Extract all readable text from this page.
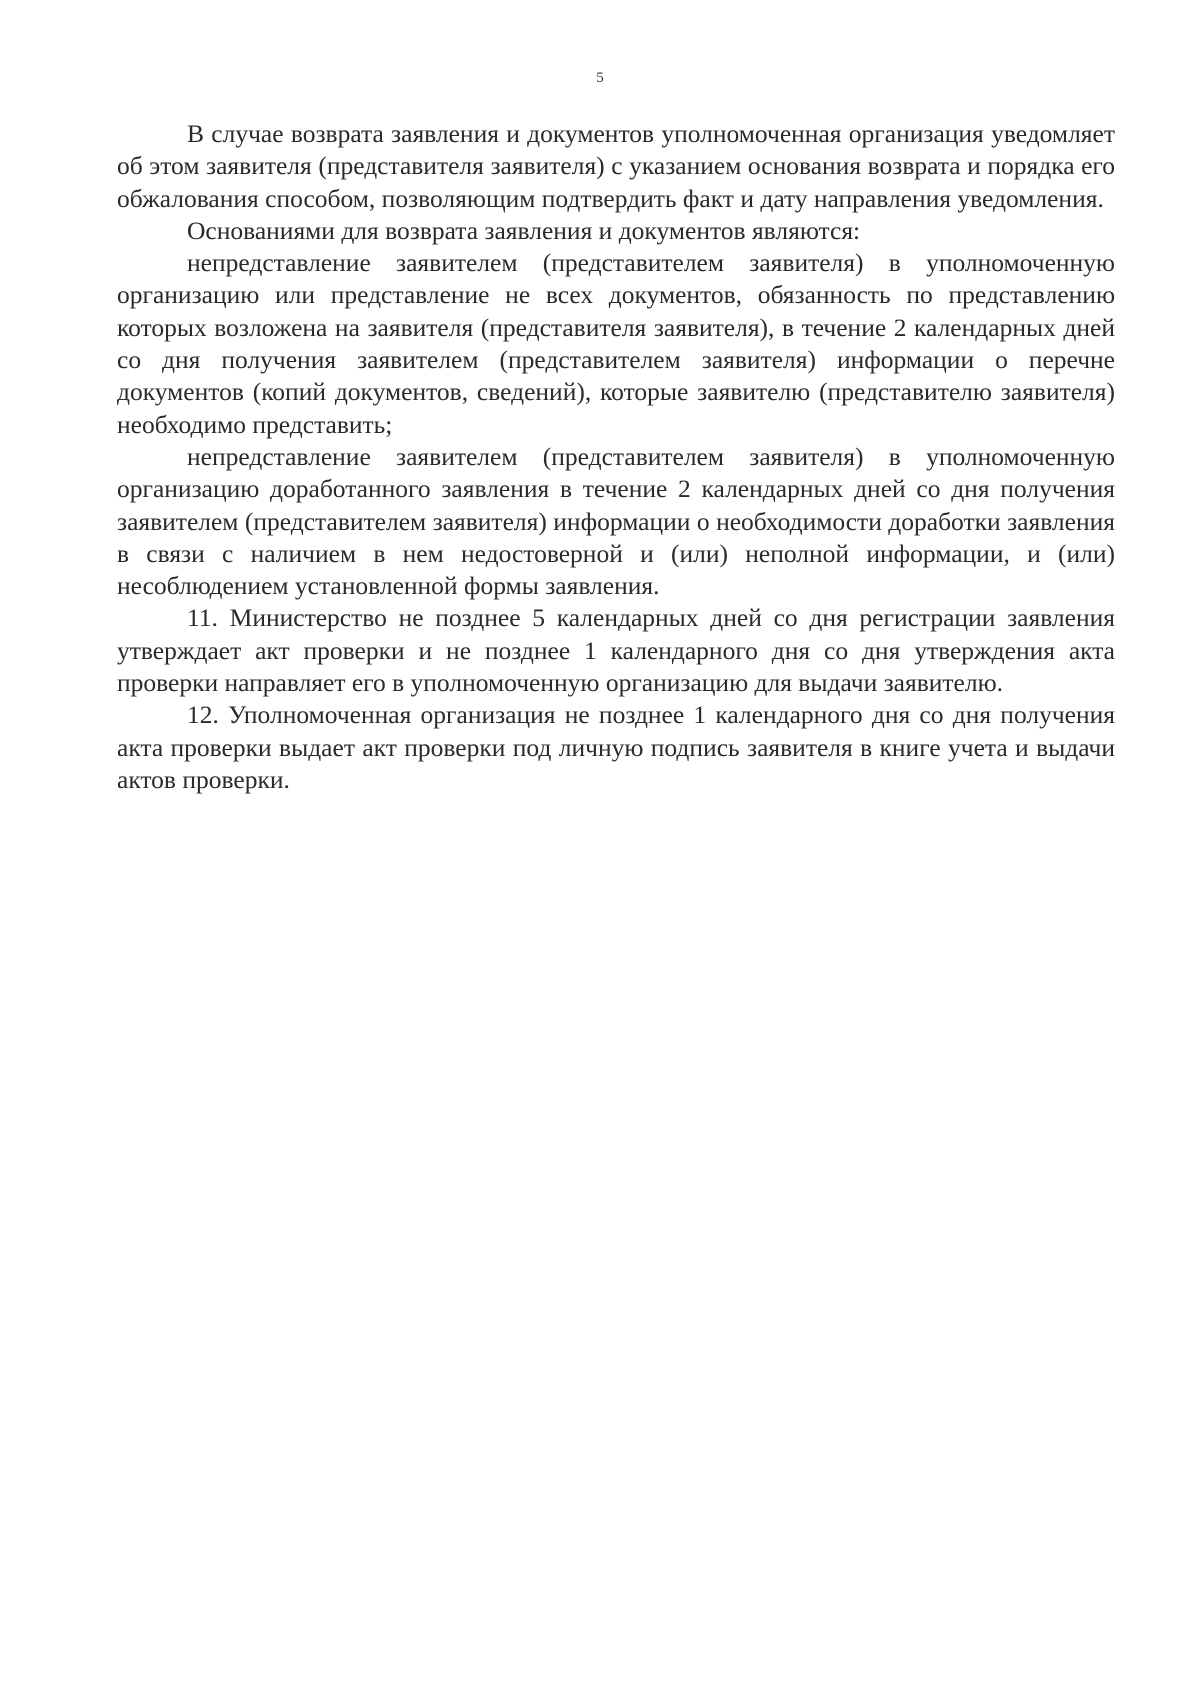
5

В случае возврата заявления и документов уполномоченная организация уведомляет об этом заявителя (представителя заявителя) с указанием основания возврата и порядка его обжалования способом, позволяющим подтвердить факт и дату направления уведомления.

Основаниями для возврата заявления и документов являются:

непредставление заявителем (представителем заявителя) в уполномоченную организацию или представление не всех документов, обязанность по представлению которых возложена на заявителя (представителя заявителя), в течение 2 календарных дней со дня получения заявителем (представителем заявителя) информации о перечне документов (копий документов, сведений), которые заявителю (представителю заявителя) необходимо представить;

непредставление заявителем (представителем заявителя) в уполномоченную организацию доработанного заявления в течение 2 календарных дней со дня получения заявителем (представителем заявителя) информации о необходимости доработки заявления в связи с наличием в нем недостоверной и (или) неполной информации, и (или) несоблюдением установленной формы заявления.

11. Министерство не позднее 5 календарных дней со дня регистрации заявления утверждает акт проверки и не позднее 1 календарного дня со дня утверждения акта проверки направляет его в уполномоченную организацию для выдачи заявителю.

12. Уполномоченная организация не позднее 1 календарного дня со дня получения акта проверки выдает акт проверки под личную подпись заявителя в книге учета и выдачи актов проверки.
